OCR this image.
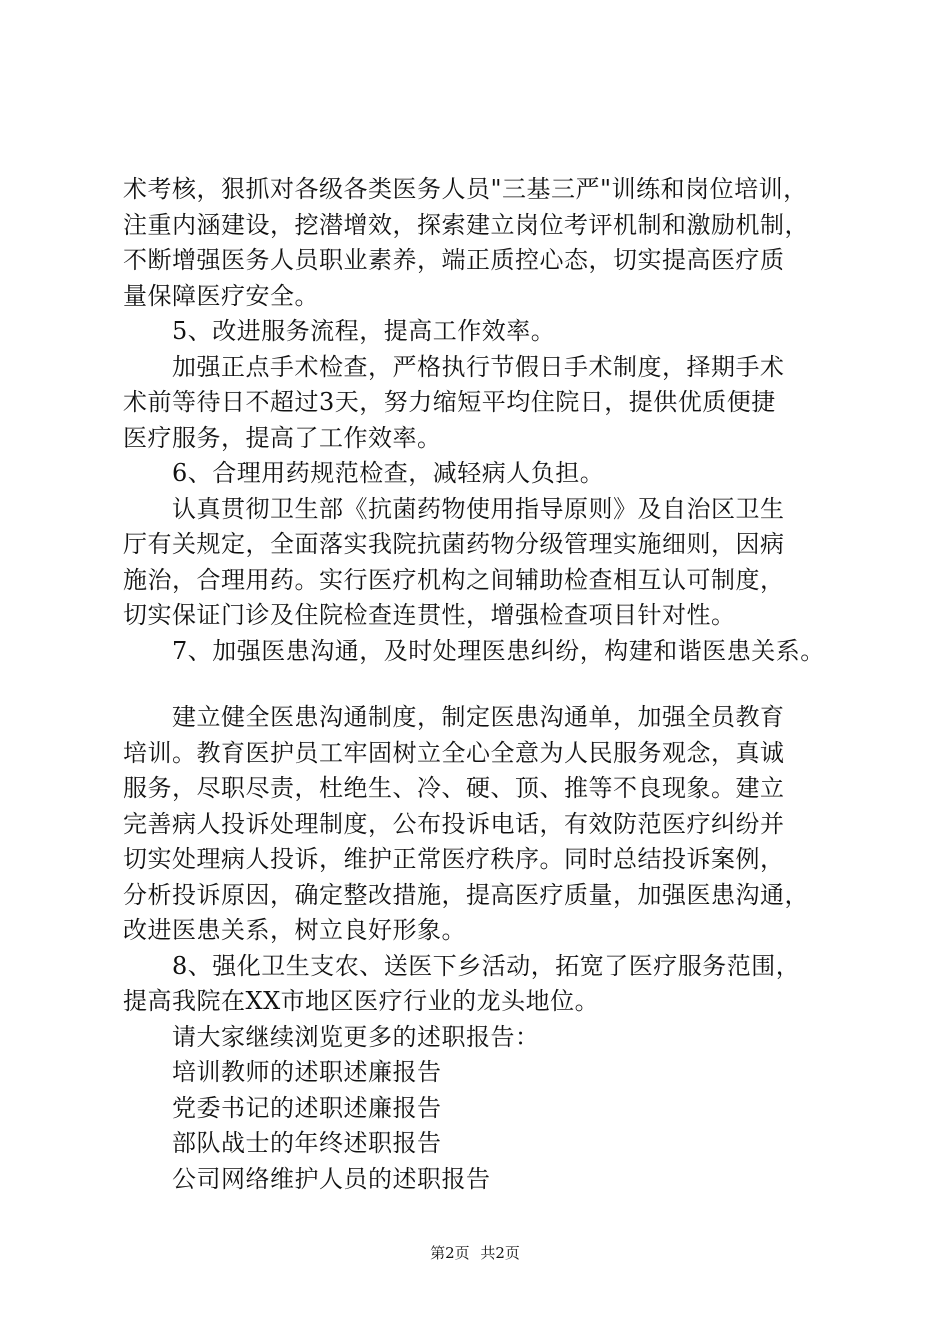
术考核，狠抓对各级各类医务人员"三基三严"训练和岗位培训，
注重内涵建设，挖潜增效，探索建立岗位考评机制和激励机制，
不断增强医务人员职业素养，端正质控心态，切实提高医疗质
量保障医疗安全。
　　5、改进服务流程，提高工作效率。
　　加强正点手术检查，严格执行节假日手术制度，择期手术
术前等待日不超过3天，努力缩短平均住院日，提供优质便捷
医疗服务，提高了工作效率。
　　6、合理用药规范检查，减轻病人负担。
　　认真贯彻卫生部《抗菌药物使用指导原则》及自治区卫生
厅有关规定，全面落实我院抗菌药物分级管理实施细则，因病
施治，合理用药。实行医疗机构之间辅助检查相互认可制度，
切实保证门诊及住院检查连贯性，增强检查项目针对性。
　　7、加强医患沟通，及时处理医患纠纷，构建和谐医患关系。
　　建立健全医患沟通制度，制定医患沟通单，加强全员教育
培训。教育医护员工牢固树立全心全意为人民服务观念，真诚
服务，尽职尽责，杜绝生、冷、硬、顶、推等不良现象。建立
完善病人投诉处理制度，公布投诉电话，有效防范医疗纠纷并
切实处理病人投诉，维护正常医疗秩序。同时总结投诉案例，
分析投诉原因，确定整改措施，提高医疗质量，加强医患沟通，
改进医患关系，树立良好形象。
　　8、强化卫生支农、送医下乡活动，拓宽了医疗服务范围，
提高我院在XX市地区医疗行业的龙头地位。
　　请大家继续浏览更多的述职报告：
　　培训教师的述职述廉报告
　　党委书记的述职述廉报告
　　部队战士的年终述职报告
　　公司网络维护人员的述职报告
第2页 共2页
